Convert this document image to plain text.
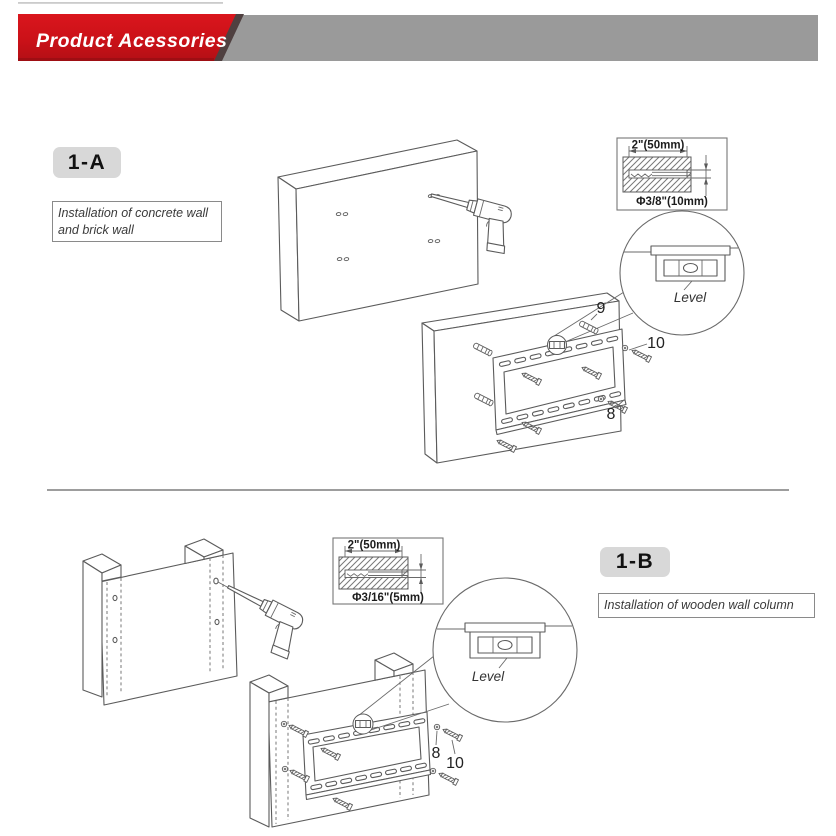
Product Acessories
2"(50mm)
Φ3/8"(10mm)
9
10
8
Level
2"(50mm)
Φ3/16"(5mm)
8
10
Level
1-A
Installation of concrete wall
and brick wall
1-B
Installation of wooden wall column
